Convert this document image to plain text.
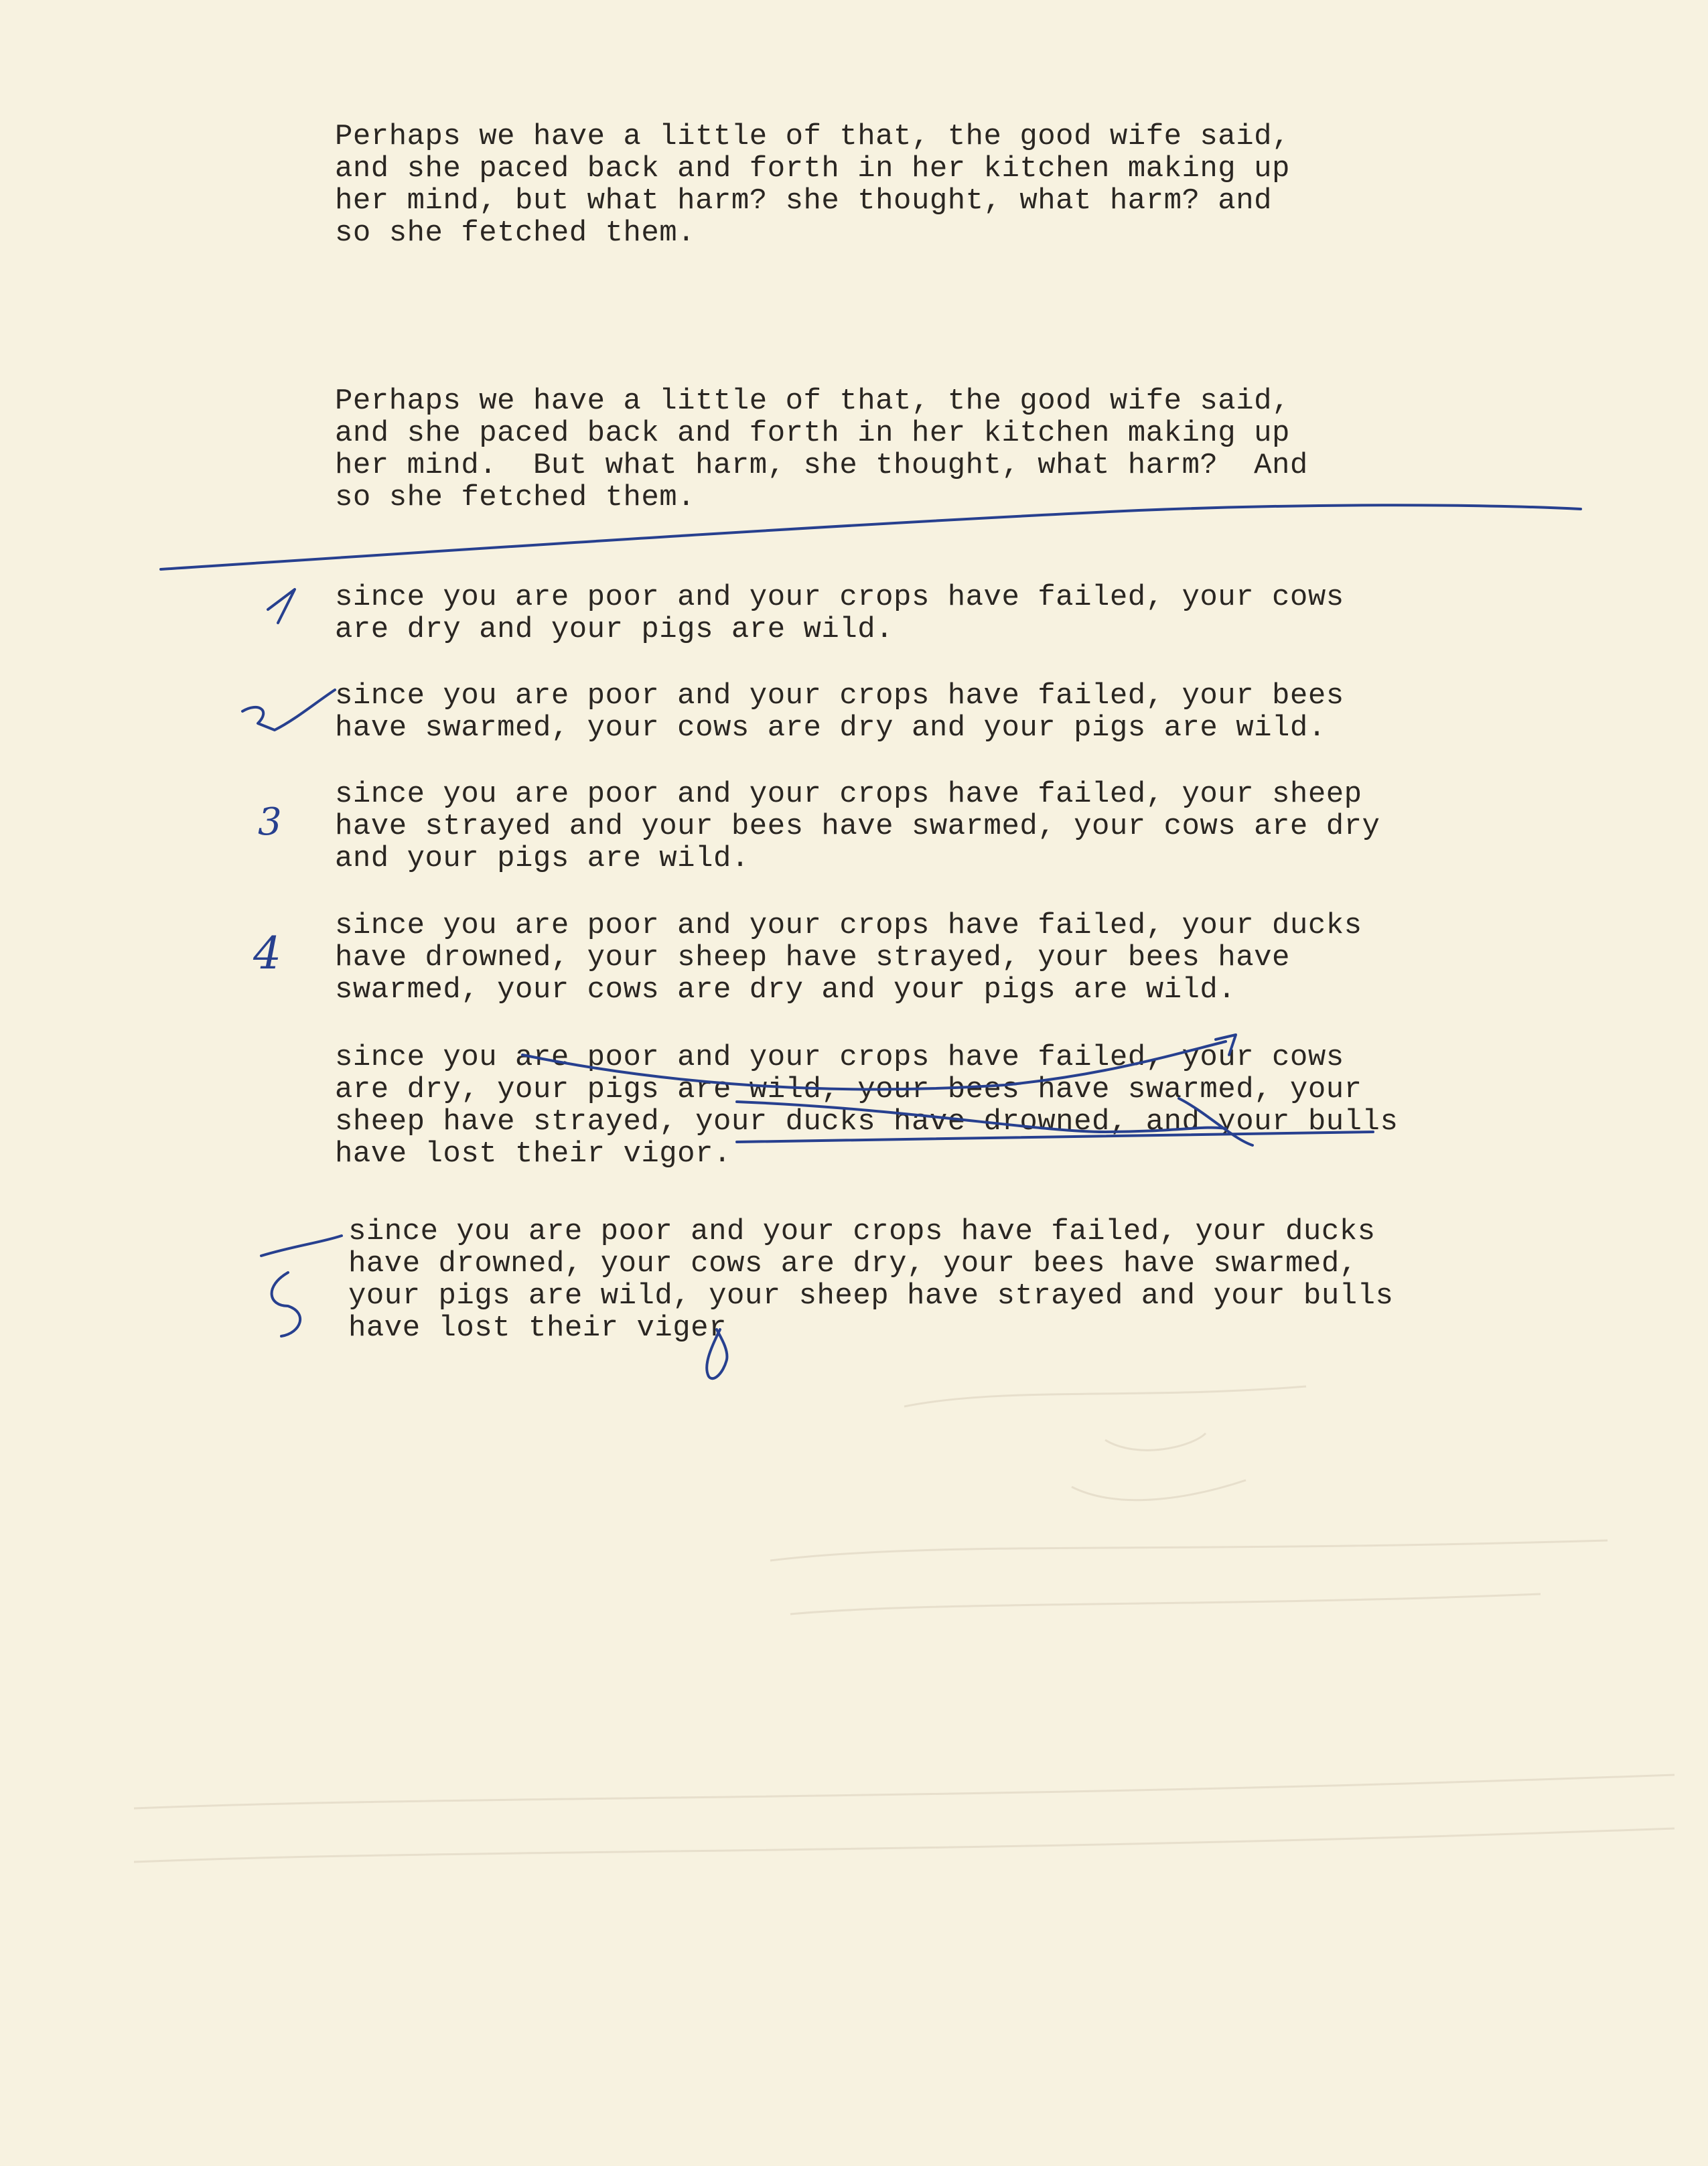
Perhaps we have a little of that, the good wife said,
and she paced back and forth in her kitchen making up
her mind, but what harm? she thought, what harm? and
so she fetched them.

Perhaps we have a little of that, the good wife said,
and she paced back and forth in her kitchen making up
her mind.  But what harm, she thought, what harm?  And
so she fetched them.

since you are poor and your crops have failed, your cows
are dry and your pigs are wild.

since you are poor and your crops have failed, your bees
have swarmed, your cows are dry and your pigs are wild.

since you are poor and your crops have failed, your sheep
have strayed and your bees have swarmed, your cows are dry
and your pigs are wild.

since you are poor and your crops have failed, your ducks
have drowned, your sheep have strayed, your bees have
swarmed, your cows are dry and your pigs are wild.

since you are poor and your crops have failed, your cows
are dry, your pigs are wild, your bees have swarmed, your
sheep have strayed, your ducks have drowned, and your bulls
have lost their vigor.

since you are poor and your crops have failed, your ducks
have drowned, your cows are dry, your bees have swarmed,
your pigs are wild, your sheep have strayed and your bulls
have lost their viger

3
4
